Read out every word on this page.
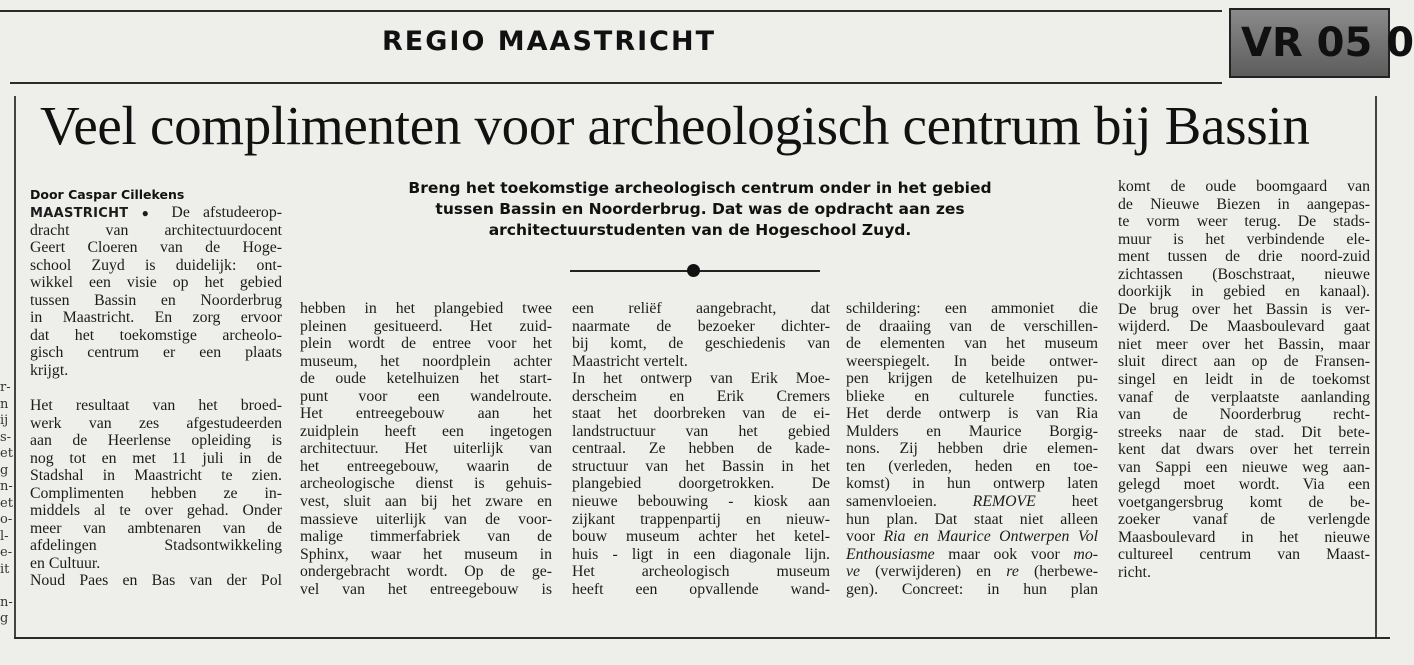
REGIO MAASTRICHT	VR 05 0
r-
n
ij
s-
et
g
n-
et
o-
l-
e-
it
n-
g
Veel complimenten voor archeologisch centrum bij Bassin
Door Caspar Cillekens	Breng het toekomstige archeologisch centrum onder in het gebied
tussen Bassin en Noorderbrug. Dat was de opdracht aan zes
architectuurstudenten van de Hogeschool Zuyd.
MAASTRICHT ● De afstudeerop-
dracht van architectuurdocent
Geert Cloeren van de Hoge-
school Zuyd is duidelijk: ont-
wikkel een visie op het gebied
tussen Bassin en Noorderbrug
in Maastricht. En zorg ervoor
dat het toekomstige archeolo-
gisch centrum er een plaats
krijgt.
Het resultaat van het broed-
werk van zes afgestudeerden
aan de Heerlense opleiding is
nog tot en met 11 juli in de
Stadshal in Maastricht te zien.
Complimenten hebben ze in-
middels al te over gehad. Onder
meer van ambtenaren van de
afdelingen Stadsontwikkeling
en Cultuur.
Noud Paes en Bas van der Pol
hebben in het plangebied twee
pleinen gesitueerd. Het zuid-
plein wordt de entree voor het
museum, het noordplein achter
de oude ketelhuizen het start-
punt voor een wandelroute.
Het entreegebouw aan het
zuidplein heeft een ingetogen
architectuur. Het uiterlijk van
het entreegebouw, waarin de
archeologische dienst is gehuis-
vest, sluit aan bij het zware en
massieve uiterlijk van de voor-
malige timmerfabriek van de
Sphinx, waar het museum in
ondergebracht wordt. Op de ge-
vel van het entreegebouw is
een reliëf aangebracht, dat
naarmate de bezoeker dichter-
bij komt, de geschiedenis van
Maastricht vertelt.
In het ontwerp van Erik Moe-
derscheim en Erik Cremers
staat het doorbreken van de ei-
landstructuur van het gebied
centraal. Ze hebben de kade-
structuur van het Bassin in het
plangebied doorgetrokken. De
nieuwe bebouwing - kiosk aan
zijkant trappenpartij en nieuw-
bouw museum achter het ketel-
huis - ligt in een diagonale lijn.
Het archeologisch museum
heeft een opvallende wand-
schildering: een ammoniet die
de draaiing van de verschillen-
de elementen van het museum
weerspiegelt. In beide ontwer-
pen krijgen de ketelhuizen pu-
blieke en culturele functies.
Het derde ontwerp is van Ria
Mulders en Maurice Borgig-
nons. Zij hebben drie elemen-
ten (verleden, heden en toe-
komst) in hun ontwerp laten
samenvloeien. REMOVE heet
hun plan. Dat staat niet alleen
voor Ria en Maurice Ontwerpen Vol
Enthousiasme maar ook voor mo-
ve (verwijderen) en re (herbewe-
gen). Concreet: in hun plan
komt de oude boomgaard van
de Nieuwe Biezen in aangepas-
te vorm weer terug. De stads-
muur is het verbindende ele-
ment tussen de drie noord-zuid
zichtassen (Boschstraat, nieuwe
doorkijk in gebied en kanaal).
De brug over het Bassin is ver-
wijderd. De Maasboulevard gaat
niet meer over het Bassin, maar
sluit direct aan op de Fransen-
singel en leidt in de toekomst
vanaf de verplaatste aanlanding
van de Noorderbrug recht-
streeks naar de stad. Dit bete-
kent dat dwars over het terrein
van Sappi een nieuwe weg aan-
gelegd moet wordt. Via een
voetgangersbrug komt de be-
zoeker vanaf de verlengde
Maasboulevard in het nieuwe
cultureel centrum van Maast-
richt.
